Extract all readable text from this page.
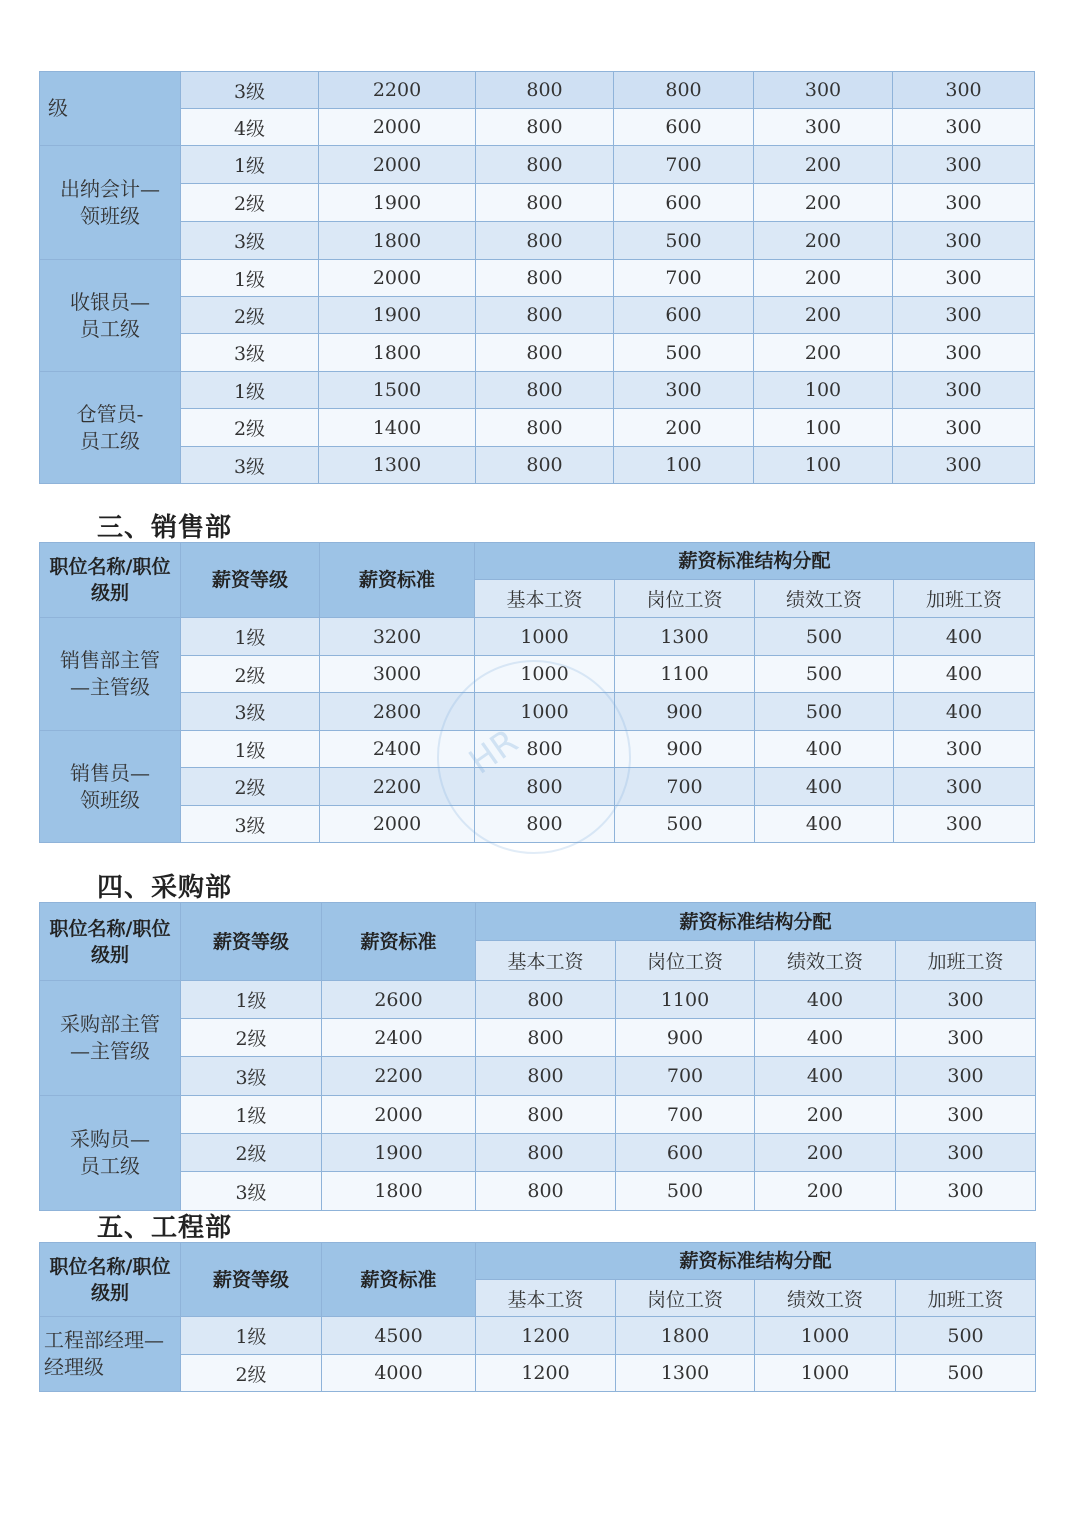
级	3级	2200	800	800	300	300
	4级	2000	800	600	300	300
出纳会计—领班级	1级	2000	800	700	200	300
	2级	1900	800	600	200	300
	3级	1800	800	500	200	300
收银员—员工级	1级	2000	800	700	200	300
	2级	1900	800	600	200	300
	3级	1800	800	500	200	300
仓管员-员工级	1级	1500	800	300	100	300
	2级	1400	800	200	100	300
	3级	1300	800	100	100	300
三、销售部
职位名称/职位级别	薪资等级	薪资标准	薪资标准结构分配			
			基本工资	岗位工资	绩效工资	加班工资
销售部主管—主管级	1级	3200	1000	1300	500	400
	2级	3000	1000	1100	500	400
	3级	2800	1000	900	500	400
销售员—领班级	1级	2400	800	900	400	300
	2级	2200	800	700	400	300
	3级	2000	800	500	400	300
四、采购部
职位名称/职位级别	薪资等级	薪资标准	薪资标准结构分配			
			基本工资	岗位工资	绩效工资	加班工资
采购部主管—主管级	1级	2600	800	1100	400	300
	2级	2400	800	900	400	300
	3级	2200	800	700	400	300
采购员—员工级	1级	2000	800	700	200	300
	2级	1900	800	600	200	300
	3级	1800	800	500	200	300
五、工程部
职位名称/职位级别	薪资等级	薪资标准	薪资标准结构分配			
			基本工资	岗位工资	绩效工资	加班工资
工程部经理—经理级	1级	4500	1200	1800	1000	500
	2级	4000	1200	1300	1000	500
HR
